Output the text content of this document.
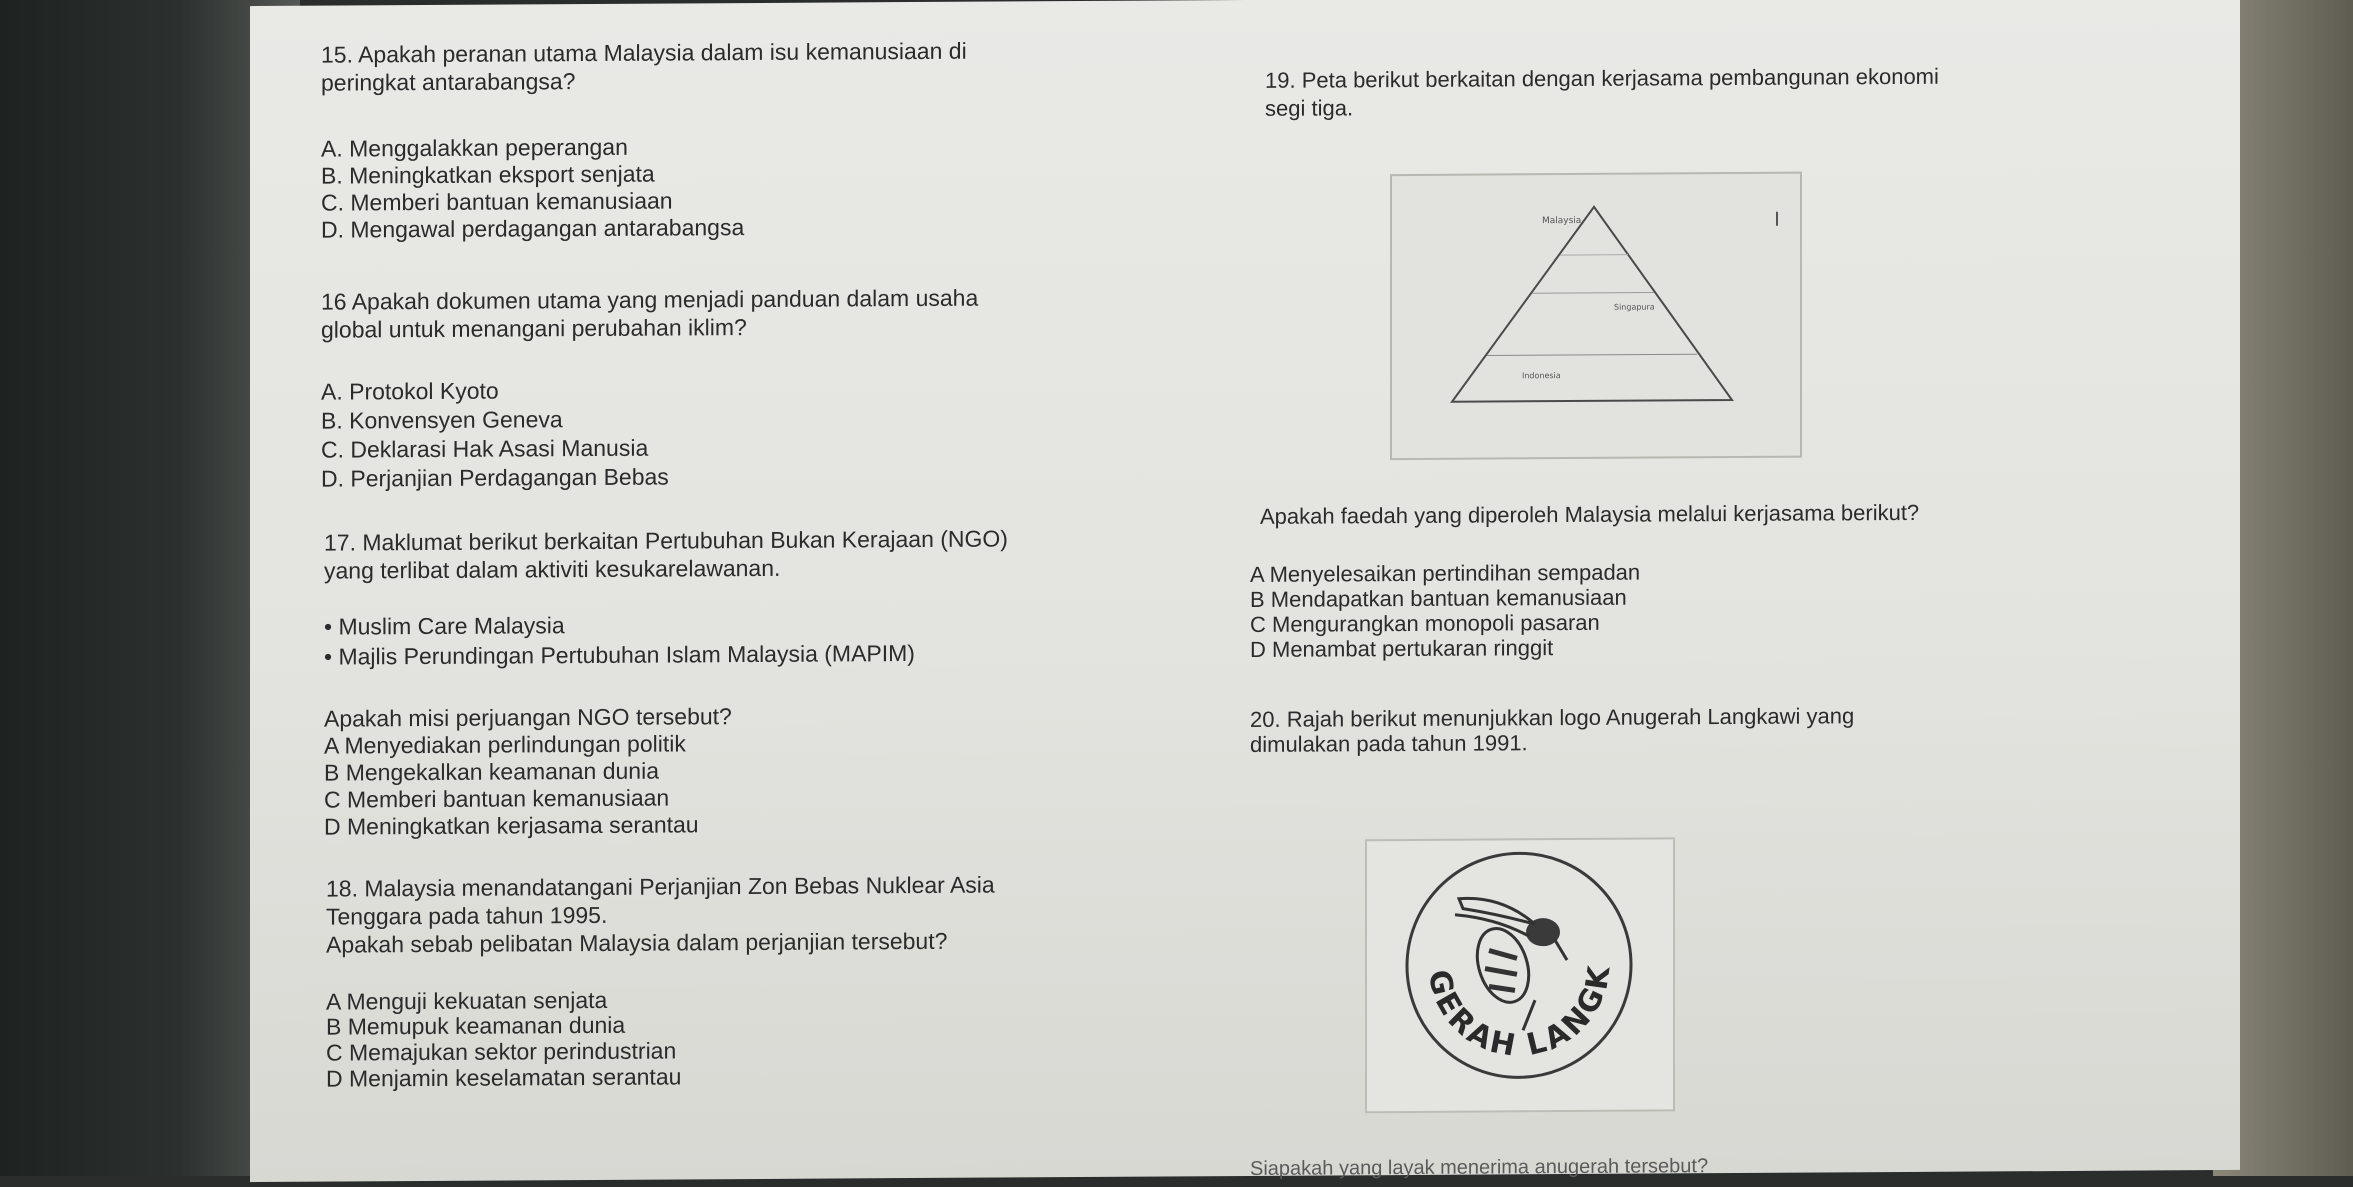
15. Apakah peranan utama Malaysia dalam isu kemanusiaan di
peringkat antarabangsa?
A. Menggalakkan peperangan
B. Meningkatkan eksport senjata
C. Memberi bantuan kemanusiaan
D. Mengawal perdagangan antarabangsa
16 Apakah dokumen utama yang menjadi panduan dalam usaha
global untuk menangani perubahan iklim?
A. Protokol Kyoto
B. Konvensyen Geneva
C. Deklarasi Hak Asasi Manusia
D. Perjanjian Perdagangan Bebas
17. Maklumat berikut berkaitan Pertubuhan Bukan Kerajaan (NGO)
yang terlibat dalam aktiviti kesukarelawanan.
• Muslim Care Malaysia
• Majlis Perundingan Pertubuhan Islam Malaysia (MAPIM)
Apakah misi perjuangan NGO tersebut?
A Menyediakan perlindungan politik
B Mengekalkan keamanan dunia
C Memberi bantuan kemanusiaan
D Meningkatkan kerjasama serantau
18. Malaysia menandatangani Perjanjian Zon Bebas Nuklear Asia
Tenggara pada tahun 1995.
Apakah sebab pelibatan Malaysia dalam perjanjian tersebut?
A Menguji kekuatan senjata
B Memupuk keamanan dunia
C Memajukan sektor perindustrian
D Menjamin keselamatan serantau
19. Peta berikut berkaitan dengan kerjasama pembangunan ekonomi
segi tiga.
Malaysia
Singapura
Indonesia
Apakah faedah yang diperoleh Malaysia melalui kerjasama berikut?
A Menyelesaikan pertindihan sempadan
B Mendapatkan bantuan kemanusiaan
C Mengurangkan monopoli pasaran
D Menambat pertukaran ringgit
20. Rajah berikut menunjukkan logo Anugerah Langkawi yang
dimulakan pada tahun 1991.
ANUGERAH LANGKAWI
Siapakah yang layak menerima anugerah tersebut?
